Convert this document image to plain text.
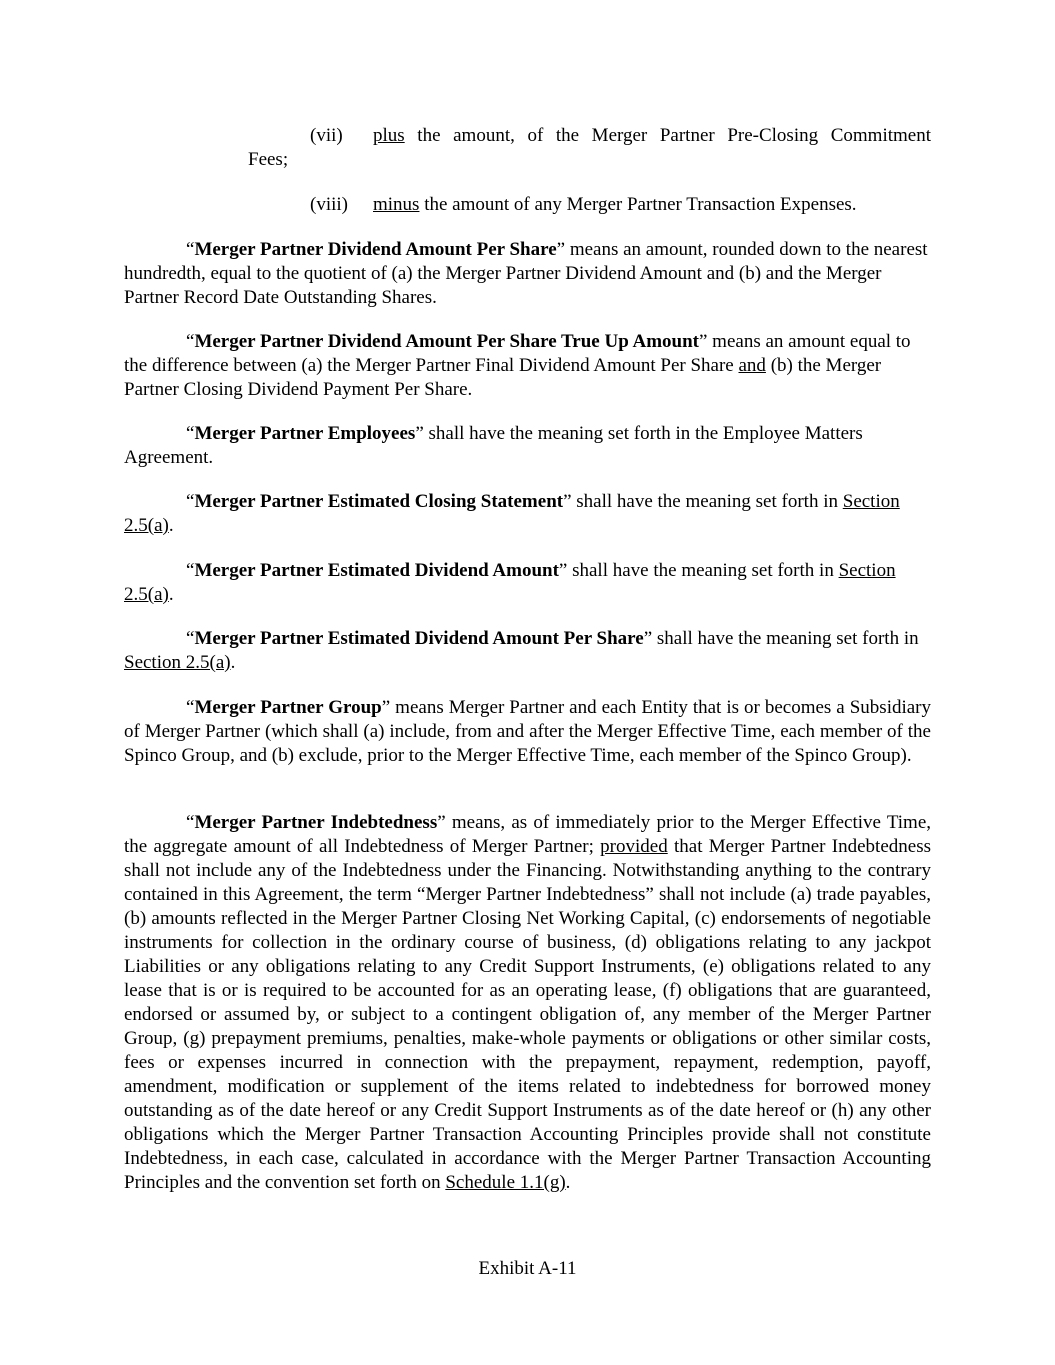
(vii) plus the amount, of the Merger Partner Pre-Closing Commitment
Fees;
(viii) minus the amount of any Merger Partner Transaction Expenses.
“Merger Partner Dividend Amount Per Share” means an amount, rounded down to the nearest hundredth, equal to the quotient of (a) the Merger Partner Dividend Amount and (b) and the Merger Partner Record Date Outstanding Shares.
“Merger Partner Dividend Amount Per Share True Up Amount” means an amount equal to the difference between (a) the Merger Partner Final Dividend Amount Per Share and (b) the Merger Partner Closing Dividend Payment Per Share.
“Merger Partner Employees” shall have the meaning set forth in the Employee Matters Agreement.
“Merger Partner Estimated Closing Statement” shall have the meaning set forth in Section 2.5(a).
“Merger Partner Estimated Dividend Amount” shall have the meaning set forth in Section 2.5(a).
“Merger Partner Estimated Dividend Amount Per Share” shall have the meaning set forth in Section 2.5(a).
“Merger Partner Group” means Merger Partner and each Entity that is or becomes a Subsidiary of Merger Partner (which shall (a) include, from and after the Merger Effective Time, each member of the Spinco Group, and (b) exclude, prior to the Merger Effective Time, each member of the Spinco Group).
“Merger Partner Indebtedness” means, as of immediately prior to the Merger Effective Time, the aggregate amount of all Indebtedness of Merger Partner; provided that Merger Partner Indebtedness shall not include any of the Indebtedness under the Financing. Notwithstanding anything to the contrary contained in this Agreement, the term “Merger Partner Indebtedness” shall not include (a) trade payables, (b) amounts reflected in the Merger Partner Closing Net Working Capital, (c) endorsements of negotiable instruments for collection in the ordinary course of business, (d) obligations relating to any jackpot Liabilities or any obligations relating to any Credit Support Instruments, (e) obligations related to any lease that is or is required to be accounted for as an operating lease, (f) obligations that are guaranteed, endorsed or assumed by, or subject to a contingent obligation of, any member of the Merger Partner Group, (g) prepayment premiums, penalties, make-whole payments or obligations or other similar costs, fees or expenses incurred in connection with the prepayment, repayment, redemption, payoff, amendment, modification or supplement of the items related to indebtedness for borrowed money outstanding as of the date hereof or any Credit Support Instruments as of the date hereof or (h) any other obligations which the Merger Partner Transaction Accounting Principles provide shall not constitute Indebtedness, in each case, calculated in accordance with the Merger Partner Transaction Accounting Principles and the convention set forth on Schedule 1.1(g).
Exhibit A-11
